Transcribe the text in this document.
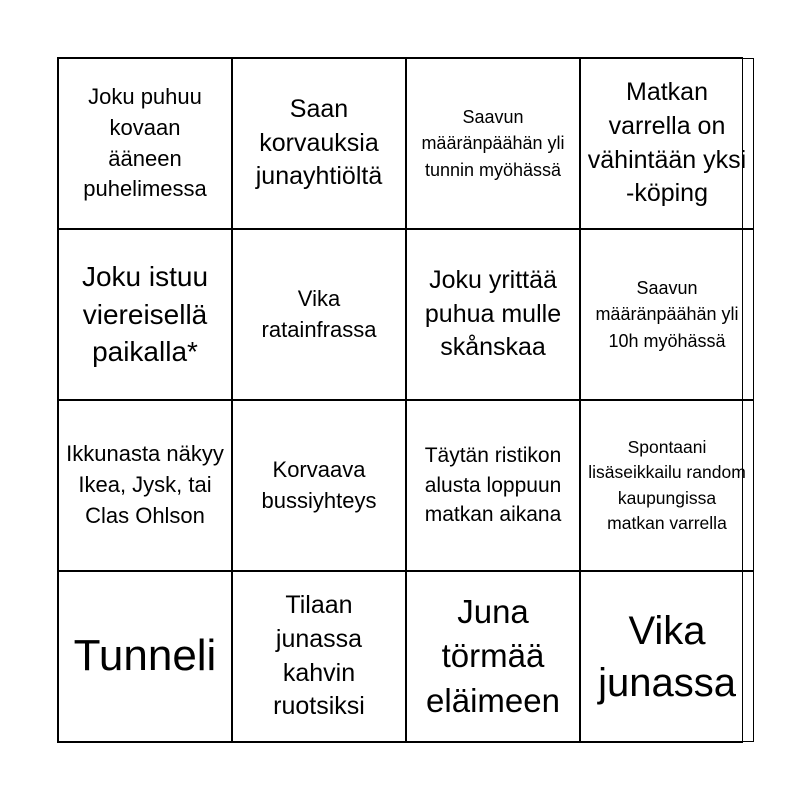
Joku puhuu kovaan ääneen puhelimessa
Saan korvauksia junayhtiöltä
Saavun määränpäähän yli tunnin myöhässä
Matkan varrella on vähintään yksi -köping
Joku istuu viereisellä paikalla*
Vika ratainfrassa
Joku yrittää puhua mulle skånskaa
Saavun määränpäähän yli 10h myöhässä
Ikkunasta näkyy Ikea, Jysk, tai Clas Ohlson
Korvaava bussiyhteys
Täytän ristikon alusta loppuun matkan aikana
Spontaani lisäseikkailu random kaupungissa matkan varrella
Tunneli
Tilaan junassa kahvin ruotsiksi
Juna törmää eläimeen
Vika junassa
